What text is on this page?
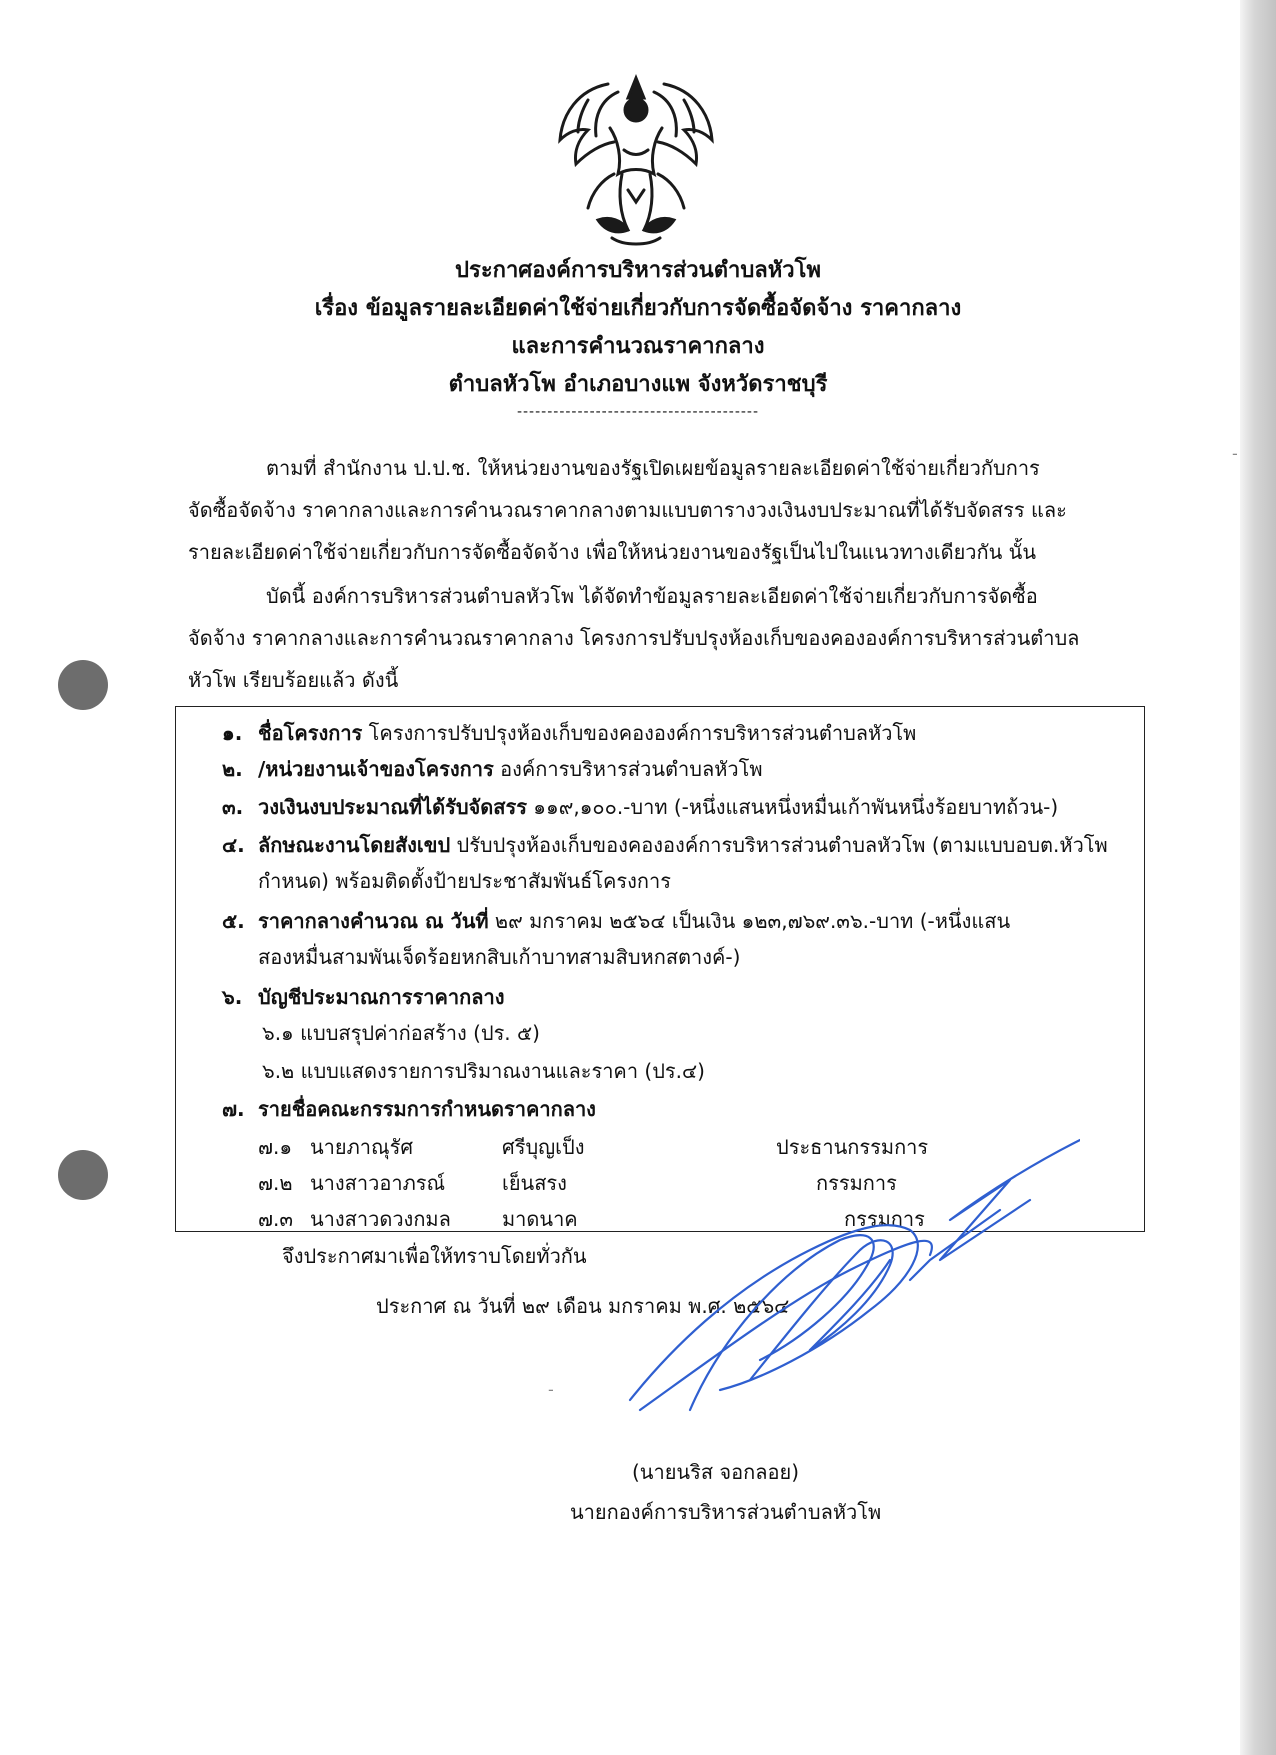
ประกาศองค์การบริหารส่วนตำบลหัวโพ
เรื่อง ข้อมูลรายละเอียดค่าใช้จ่ายเกี่ยวกับการจัดซื้อจัดจ้าง ราคากลาง
และการคำนวณราคากลาง
ตำบลหัวโพ อำเภอบางแพ จังหวัดราชบุรี
----------------------------------------
-
-
ตามที่ สำนักงาน ป.ป.ช. ให้หน่วยงานของรัฐเปิดเผยข้อมูลรายละเอียดค่าใช้จ่ายเกี่ยวกับการ
จัดซื้อจัดจ้าง ราคากลางและการคำนวณราคากลางตามแบบตารางวงเงินงบประมาณที่ได้รับจัดสรร และ
รายละเอียดค่าใช้จ่ายเกี่ยวกับการจัดซื้อจัดจ้าง เพื่อให้หน่วยงานของรัฐเป็นไปในแนวทางเดียวกัน นั้น
บัดนี้ องค์การบริหารส่วนตำบลหัวโพ ได้จัดทำข้อมูลรายละเอียดค่าใช้จ่ายเกี่ยวกับการจัดซื้อ
จัดจ้าง ราคากลางและการคำนวณราคากลาง โครงการปรับปรุงห้องเก็บของคององค์การบริหารส่วนตำบล
หัวโพ เรียบร้อยแล้ว ดังนี้
๑. ชื่อโครงการ โครงการปรับปรุงห้องเก็บของคององค์การบริหารส่วนตำบลหัวโพ
๒. /หน่วยงานเจ้าของโครงการ องค์การบริหารส่วนตำบลหัวโพ
๓. วงเงินงบประมาณที่ได้รับจัดสรร ๑๑๙,๑๐๐.-บาท (-หนึ่งแสนหนึ่งหมื่นเก้าพันหนึ่งร้อยบาทถ้วน-)
๔. ลักษณะงานโดยสังเขป ปรับปรุงห้องเก็บของคององค์การบริหารส่วนตำบลหัวโพ (ตามแบบอบต.หัวโพ
กำหนด) พร้อมติดตั้งป้ายประชาสัมพันธ์โครงการ
๕. ราคากลางคำนวณ ณ วันที่ ๒๙ มกราคม ๒๕๖๔ เป็นเงิน ๑๒๓,๗๖๙.๓๖.-บาท (-หนึ่งแสน
สองหมื่นสามพันเจ็ดร้อยหกสิบเก้าบาทสามสิบหกสตางค์-)
๖. บัญชีประมาณการราคากลาง
๖.๑ แบบสรุปค่าก่อสร้าง (ปร. ๕)
๖.๒ แบบแสดงรายการปริมาณงานและราคา (ปร.๔)
๗. รายชื่อคณะกรรมการกำหนดราคากลาง
๗.๑ นายภาณุรัศ	ศรีบุญเป็ง	ประธานกรรมการ
๗.๒ นางสาวอาภรณ์	เย็นสรง	กรรมการ
๗.๓ นางสาวดวงกมล	มาดนาค	กรรมการ
จึงประกาศมาเพื่อให้ทราบโดยทั่วกัน
ประกาศ ณ วันที่ ๒๙ เดือน มกราคม พ.ศ. ๒๕๖๔
(นายนริส จอกลอย)
นายกองค์การบริหารส่วนตำบลหัวโพ
